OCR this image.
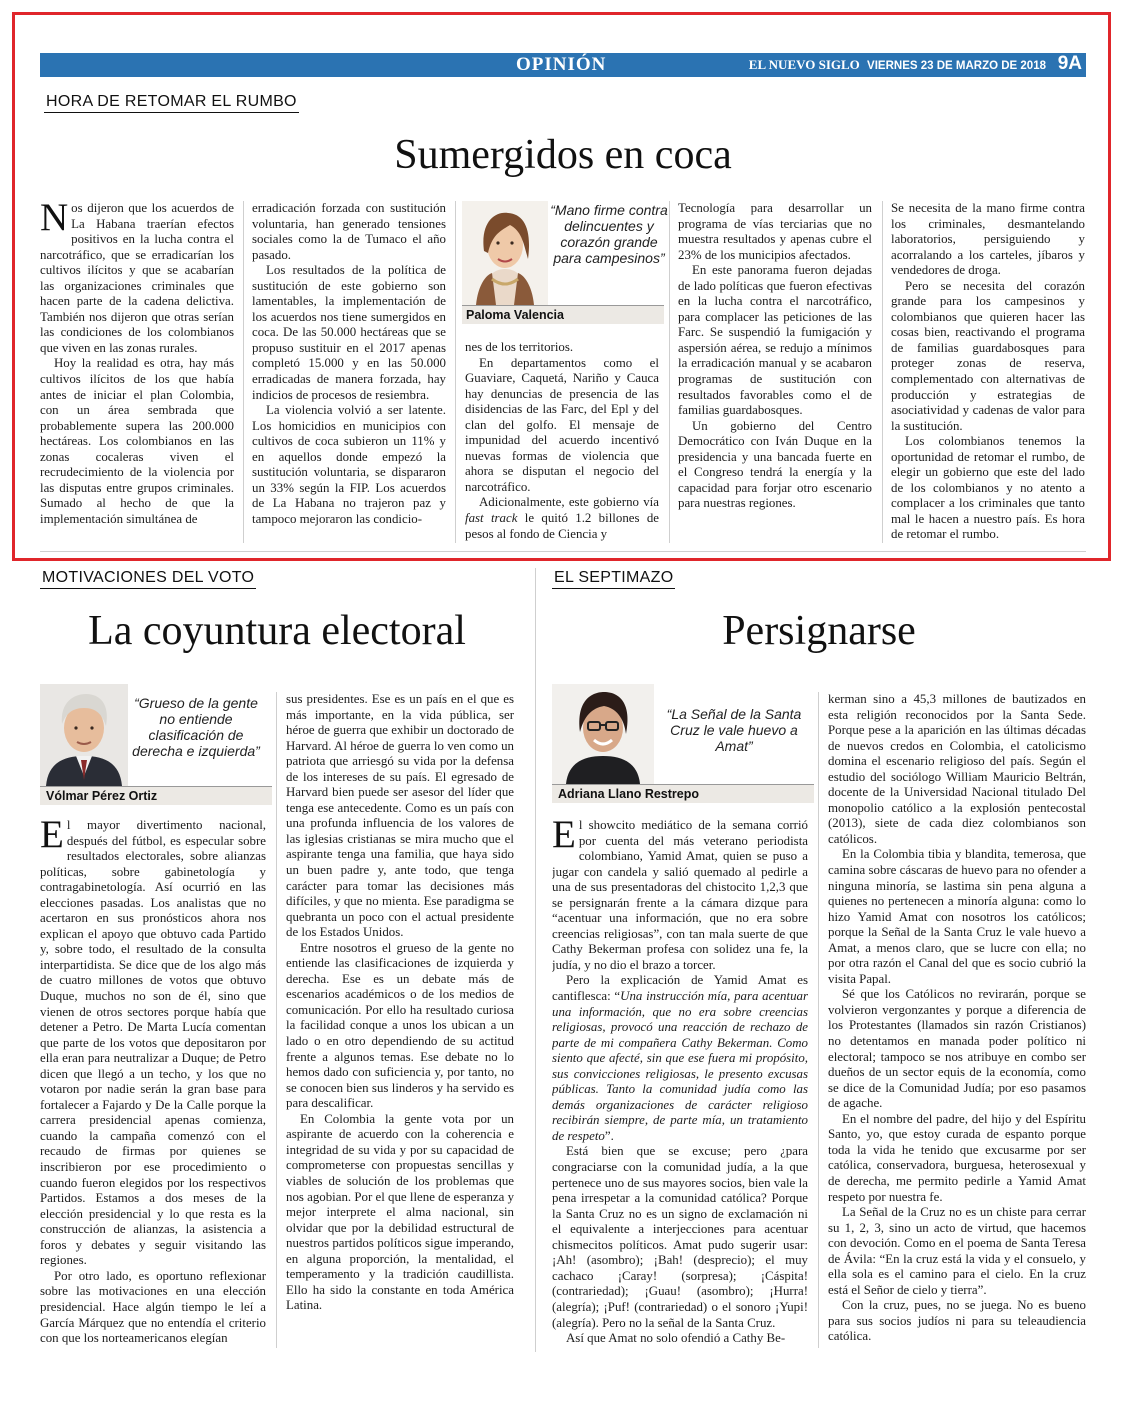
OPINIÓN	EL NUEVO SIGLO VIERNES 23 DE MARZO DE 2018 9A
HORA DE RETOMAR EL RUMBO
Sumergidos en coca

Nos dijeron que los acuerdos de La Habana traerían efectos positivos en la lucha contra el narcotráfico, que se erradicarían los cultivos ilícitos y que se acabarían las organizaciones criminales que hacen parte de la cadena delictiva. También nos dijeron que otras serían las condiciones de los colombianos que viven en las zonas rurales.

Hoy la realidad es otra, hay más cultivos ilícitos de los que había antes de iniciar el plan Colombia, con un área sembrada que probablemente supera las 200.000 hectáreas. Los colombianos en las zonas cocaleras viven el recrudecimiento de la violencia por las disputas entre grupos criminales. Sumado al hecho de que la implementación simultánea de

erradicación forzada con sustitución voluntaria, han generado tensiones sociales como la de Tumaco el año pasado.

Los resultados de la política de sustitución de este gobierno son lamentables, la implementación de los acuerdos nos tiene sumergidos en coca. De las 50.000 hectáreas que se propuso sustituir en el 2017 apenas completó 15.000 y en las 50.000 erradicadas de manera forzada, hay indicios de procesos de resiembra.

La violencia volvió a ser latente. Los homicidios en municipios con cultivos de coca subieron un 11% y en aquellos donde empezó la sustitución voluntaria, se dispararon un 33% según la FIP. Los acuerdos de La Habana no trajeron paz y tampoco mejoraron las condicio-

“Mano firme contra delincuentes y corazón grande para campesinos”
Paloma Valencia

nes de los territorios.

En departamentos como el Guaviare, Caquetá, Nariño y Cauca hay denuncias de presencia de las disidencias de las Farc, del Epl y del clan del golfo. El mensaje de impunidad del acuerdo incentivó nuevas formas de violencia que ahora se disputan el negocio del narcotráfico.

Adicionalmente, este gobierno vía fast track le quitó 1.2 billones de pesos al fondo de Ciencia y

Tecnología para desarrollar un programa de vías terciarias que no muestra resultados y apenas cubre el 23% de los municipios afectados.

En este panorama fueron dejadas de lado políticas que fueron efectivas en la lucha contra el narcotráfico, para complacer las peticiones de las Farc. Se suspendió la fumigación y aspersión aérea, se redujo a mínimos la erradicación manual y se acabaron programas de sustitución con resultados favorables como el de familias guardabosques.

Un gobierno del Centro Democrático con Iván Duque en la presidencia y una bancada fuerte en el Congreso tendrá la energía y la capacidad para forjar otro escenario para nuestras regiones.

Se necesita de la mano firme contra los criminales, desmantelando laboratorios, persiguiendo y acorralando a los carteles, jíbaros y vendedores de droga.

Pero se necesita del corazón grande para los campesinos y colombianos que quieren hacer las cosas bien, reactivando el programa de familias guardabosques para proteger zonas de reserva, complementado con alternativas de producción y estrategias de asociatividad y cadenas de valor para la sustitución.

Los colombianos tenemos la oportunidad de retomar el rumbo, de elegir un gobierno que este del lado de los colombianos y no atento a complacer a los criminales que tanto mal le hacen a nuestro país. Es hora de retomar el rumbo.

MOTIVACIONES DEL VOTO
La coyuntura electoral
“Grueso de la gente no entiende clasificación de derecha e izquierda”
Vólmar Pérez Ortiz

El mayor divertimento nacional, después del fútbol, es especular sobre resultados electorales, sobre alianzas políticas, sobre gabinetología y contragabinetología. Así ocurrió en las elecciones pasadas. Los analistas que no acertaron en sus pronósticos ahora nos explican el apoyo que obtuvo cada Partido y, sobre todo, el resultado de la consulta interpartidista. Se dice que de los algo más de cuatro millones de votos que obtuvo Duque, muchos no son de él, sino que vienen de otros sectores porque había que detener a Petro. De Marta Lucía comentan que parte de los votos que depositaron por ella eran para neutralizar a Duque; de Petro dicen que llegó a un techo, y los que no votaron por nadie serán la gran base para fortalecer a Fajardo y De la Calle porque la carrera presidencial apenas comienza, cuando la campaña comenzó con el recaudo de firmas por quienes se inscribieron por ese procedimiento o cuando fueron elegidos por los respectivos Partidos. Estamos a dos meses de la elección presidencial y lo que resta es la construcción de alianzas, la asistencia a foros y debates y seguir visitando las regiones.

Por otro lado, es oportuno reflexionar sobre las motivaciones en una elección presidencial. Hace algún tiempo le leí a García Márquez que no entendía el criterio con que los norteamericanos elegían

sus presidentes. Ese es un país en el que es más importante, en la vida pública, ser héroe de guerra que exhibir un doctorado de Harvard. Al héroe de guerra lo ven como un patriota que arriesgó su vida por la defensa de los intereses de su país. El egresado de Harvard bien puede ser asesor del líder que tenga ese antecedente. Como es un país con una profunda influencia de los valores de las iglesias cristianas se mira mucho que el aspirante tenga una familia, que haya sido un buen padre y, ante todo, que tenga carácter para tomar las decisiones más difíciles, y que no mienta. Ese paradigma se quebranta un poco con el actual presidente de los Estados Unidos.

Entre nosotros el grueso de la gente no entiende las clasificaciones de izquierda y derecha. Ese es un debate más de escenarios académicos o de los medios de comunicación. Por ello ha resultado curiosa la facilidad conque a unos los ubican a un lado o en otro dependiendo de su actitud frente a algunos temas. Ese debate no lo hemos dado con suficiencia y, por tanto, no se conocen bien sus linderos y ha servido es para descalificar.

En Colombia la gente vota por un aspirante de acuerdo con la coherencia e integridad de su vida y por su capacidad de comprometerse con propuestas sencillas y viables de solución de los problemas que nos agobian. Por el que llene de esperanza y mejor interprete el alma nacional, sin olvidar que por la debilidad estructural de nuestros partidos políticos sigue imperando, en alguna proporción, la mentalidad, el temperamento y la tradición caudillista. Ello ha sido la constante en toda América Latina.

EL SEPTIMAZO
Persignarse
“La Señal de la Santa Cruz le vale huevo a Amat”
Adriana Llano Restrepo

El showcito mediático de la semana corrió por cuenta del más veterano periodista colombiano, Yamid Amat, quien se puso a jugar con candela y salió quemado al pedirle a una de sus presentadoras del chistocito 1,2,3 que se persignarán frente a la cámara dizque para “acentuar una información, que no era sobre creencias religiosas”, con tan mala suerte de que Cathy Bekerman profesa con solidez una fe, la judía, y no dio el brazo a torcer.

Pero la explicación de Yamid Amat es cantiflesca: “Una instrucción mía, para acentuar una información, que no era sobre creencias religiosas, provocó una reacción de rechazo de parte de mi compañera Cathy Bekerman. Como siento que afecté, sin que ese fuera mi propósito, sus convicciones religiosas, le presento excusas públicas. Tanto la comunidad judía como las demás organizaciones de carácter religioso recibirán siempre, de parte mía, un tratamiento de respeto”.

Está bien que se excuse; pero ¿para congraciarse con la comunidad judía, a la que pertenece uno de sus mayores socios, bien vale la pena irrespetar a la comunidad católica? Porque la Santa Cruz no es un signo de exclamación ni el equivalente a interjecciones para acentuar chismecitos políticos. Amat pudo sugerir usar: ¡Ah! (asombro); ¡Bah! (desprecio); el muy cachaco ¡Caray! (sorpresa); ¡Cáspita! (contrariedad); ¡Guau! (asombro); ¡Hurra! (alegría); ¡Puf! (contrariedad) o el sonoro ¡Yupi! (alegría). Pero no la señal de la Santa Cruz.

Así que Amat no solo ofendió a Cathy Be-

kerman sino a 45,3 millones de bautizados en esta religión reconocidos por la Santa Sede. Porque pese a la aparición en las últimas décadas de nuevos credos en Colombia, el catolicismo domina el escenario religioso del país. Según el estudio del sociólogo William Mauricio Beltrán, docente de la Universidad Nacional titulado Del monopolio católico a la explosión pentecostal (2013), siete de cada diez colombianos son católicos.

En la Colombia tibia y blandita, temerosa, que camina sobre cáscaras de huevo para no ofender a ninguna minoría, se lastima sin pena alguna a quienes no pertenecen a minoría alguna: como lo hizo Yamid Amat con nosotros los católicos; porque la Señal de la Santa Cruz le vale huevo a Amat, a menos claro, que se lucre con ella; no por otra razón el Canal del que es socio cubrió la visita Papal.

Sé que los Católicos no revirarán, porque se volvieron vergonzantes y porque a diferencia de los Protestantes (llamados sin razón Cristianos) no detentamos en manada poder político ni electoral; tampoco se nos atribuye en combo ser dueños de un sector equis de la economía, como se dice de la Comunidad Judía; por eso pasamos de agache.

En el nombre del padre, del hijo y del Espíritu Santo, yo, que estoy curada de espanto porque toda la vida he tenido que excusarme por ser católica, conservadora, burguesa, heterosexual y de derecha, me permito pedirle a Yamid Amat respeto por nuestra fe.

La Señal de la Cruz no es un chiste para cerrar su 1, 2, 3, sino un acto de virtud, que hacemos con devoción. Como en el poema de Santa Teresa de Ávila: “En la cruz está la vida y el consuelo, y ella sola es el camino para el cielo. En la cruz está el Señor de cielo y tierra”.

Con la cruz, pues, no se juega. No es bueno para sus socios judíos ni para su teleaudiencia católica.
